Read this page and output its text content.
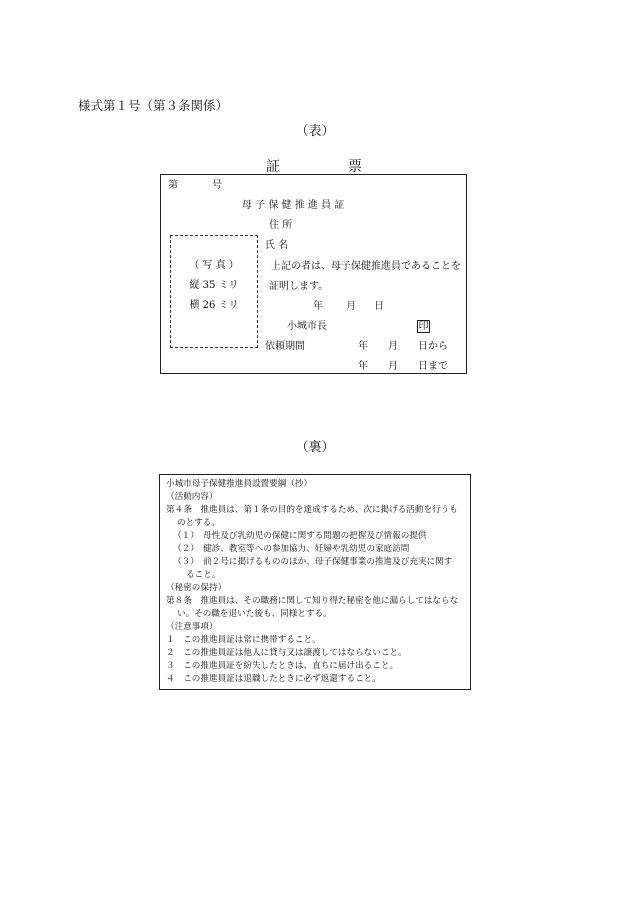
様式第１号（第３条関係）
（表）
証	票
第	号
母 子 保 健 推 進 員 証
住 所
氏 名
（ 写 真 ）
縦 35 ミリ
横 26 ミリ
上記の者は、母子保健推進員であることを
証明します。
年 月 日
小城市長	印
依頼期間	年 月 日から
年 月 日まで
（裏）
小城市母子保健推進員設置要綱（抄）
（活動内容）
第４条　推進員は、第１条の目的を達成するため、次に掲げる活動を行うも
のとする。
（１）　母性及び乳幼児の保健に関する問題の把握及び情報の提供
（２）　健診、教室等への参加協力、妊婦や乳幼児の家庭訪問
（３）　前２号に掲げるもののほか、母子保健事業の推進及び充実に関す
ること。
（秘密の保持）
第８条　推進員は、その職務に関して知り得た秘密を他に漏らしてはならな
い。その職を退いた後も、同様とする。
（注意事項）
１　この推進員証は常に携帯すること。
２　この推進員証は他人に貸与又は譲渡してはならないこと。
３　この推進員証を紛失したときは、直ちに届け出ること。
４　この推進員証は退職したときに必ず返還すること。
